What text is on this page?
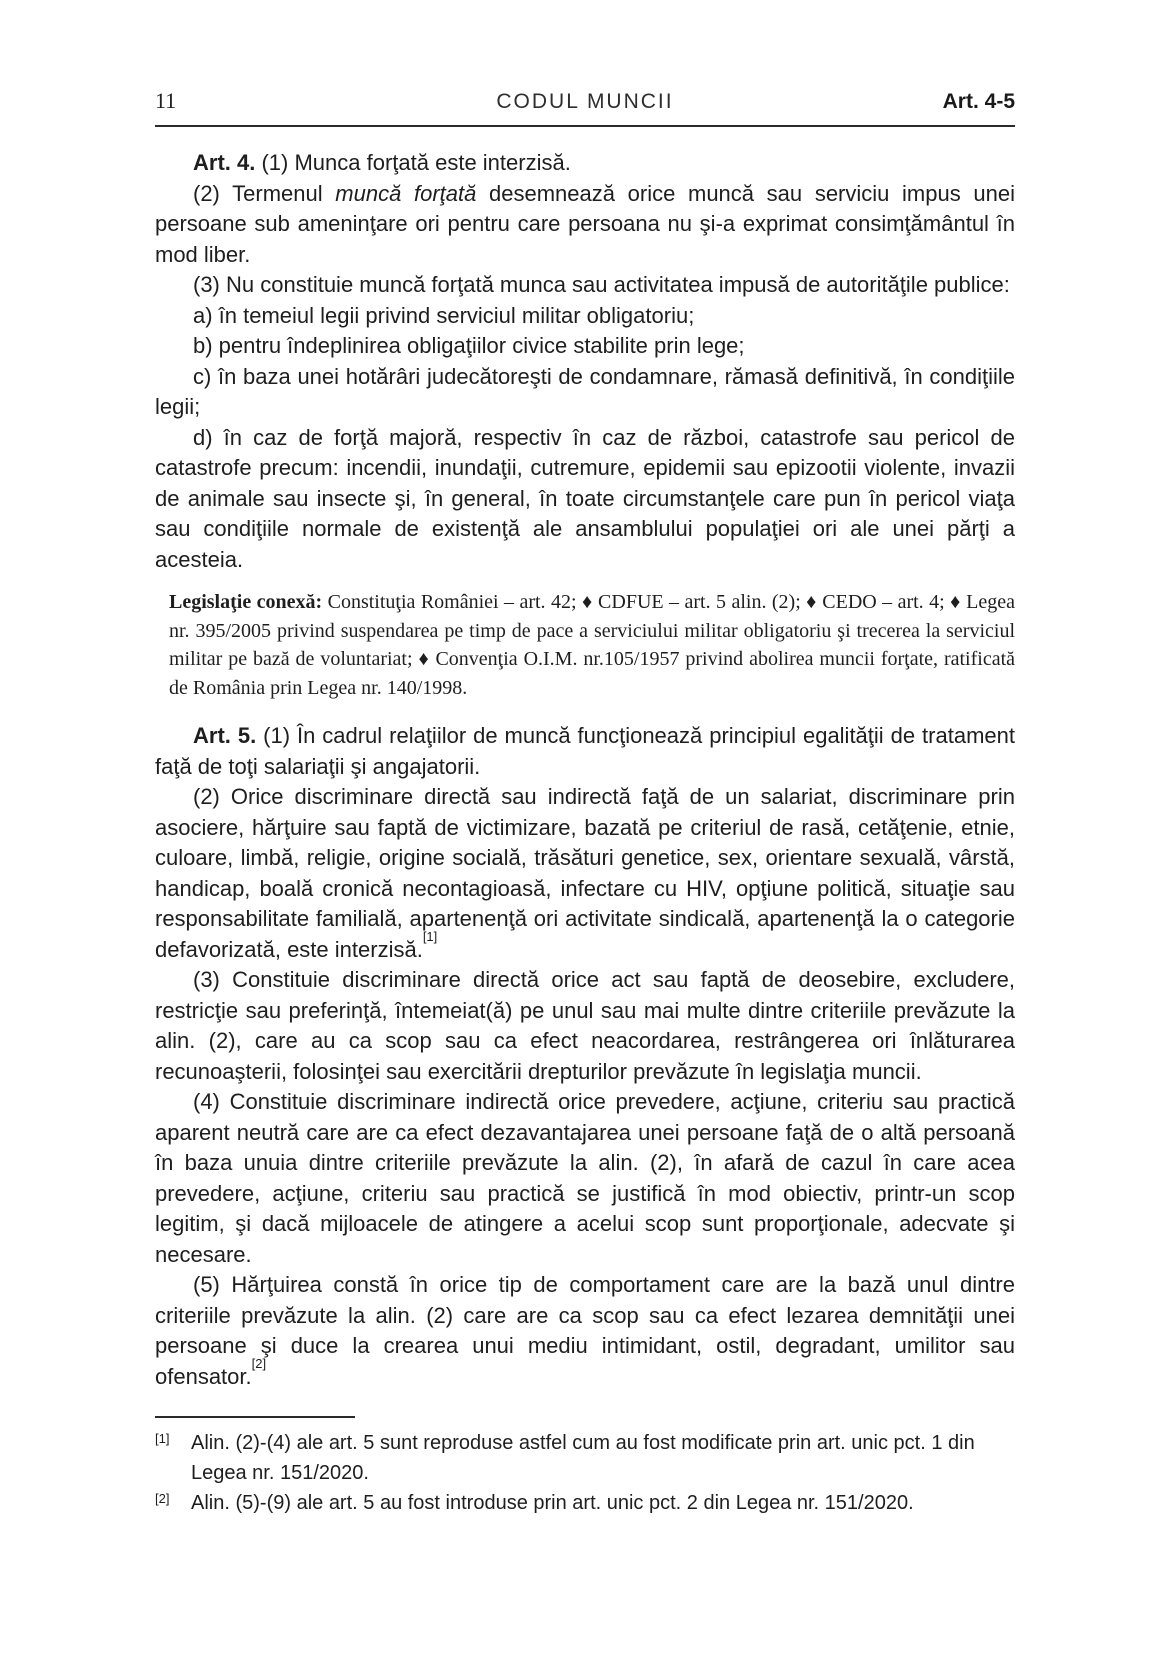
11	CODUL MUNCII	Art. 4-5

Art. 4. (1) Munca forţată este interzisă.

(2) Termenul muncă forţată desemnează orice muncă sau serviciu impus unei persoane sub ameninţare ori pentru care persoana nu şi-a exprimat consimţământul în mod liber.

(3) Nu constituie muncă forţată munca sau activitatea impusă de autorităţile publice:

a) în temeiul legii privind serviciul militar obligatoriu;

b) pentru îndeplinirea obligaţiilor civice stabilite prin lege;

c) în baza unei hotărâri judecătoreşti de condamnare, rămasă definitivă, în condiţiile legii;

d) în caz de forţă majoră, respectiv în caz de război, catastrofe sau pericol de catastrofe precum: incendii, inundaţii, cutremure, epidemii sau epizootii violente, invazii de animale sau insecte şi, în general, în toate circumstanţele care pun în pericol viaţa sau condiţiile normale de existenţă ale ansamblului populaţiei ori ale unei părţi a acesteia.

Legislaţie conexă: Constituţia României – art. 42; ♦ CDFUE – art. 5 alin. (2); ♦ CEDO – art. 4; ♦ Legea nr. 395/2005 privind suspendarea pe timp de pace a serviciului militar obligatoriu şi trecerea la serviciul militar pe bază de voluntariat; ♦ Convenţia O.I.M. nr.105/1957 privind abolirea muncii forţate, ratificată de România prin Legea nr. 140/1998.

Art. 5. (1) În cadrul relaţiilor de muncă funcţionează principiul egalităţii de tratament faţă de toţi salariaţii şi angajatorii.

(2) Orice discriminare directă sau indirectă faţă de un salariat, discriminare prin asociere, hărţuire sau faptă de victimizare, bazată pe criteriul de rasă, cetăţenie, etnie, culoare, limbă, religie, origine socială, trăsături genetice, sex, orientare sexuală, vârstă, handicap, boală cronică necontagioasă, infectare cu HIV, opţiune politică, situaţie sau responsabilitate familială, apartenenţă ori activitate sindicală, apartenenţă la o categorie defavorizată, este interzisă.[1]

(3) Constituie discriminare directă orice act sau faptă de deosebire, excludere, restricţie sau preferinţă, întemeiat(ă) pe unul sau mai multe dintre criteriile prevăzute la alin. (2), care au ca scop sau ca efect neacordarea, restrângerea ori înlăturarea recunoaşterii, folosinţei sau exercitării drepturilor prevăzute în legislaţia muncii.

(4) Constituie discriminare indirectă orice prevedere, acţiune, criteriu sau practică aparent neutră care are ca efect dezavantajarea unei persoane faţă de o altă persoană în baza unuia dintre criteriile prevăzute la alin. (2), în afară de cazul în care acea prevedere, acţiune, criteriu sau practică se justifică în mod obiectiv, printr-un scop legitim, şi dacă mijloacele de atingere a acelui scop sunt proporţionale, adecvate şi necesare.

(5) Hărţuirea constă în orice tip de comportament care are la bază unul dintre criteriile prevăzute la alin. (2) care are ca scop sau ca efect lezarea demnităţii unei persoane şi duce la crearea unui mediu intimidant, ostil, degradant, umilitor sau ofensator.[2]

[1] Alin. (2)-(4) ale art. 5 sunt reproduse astfel cum au fost modificate prin art. unic pct. 1 din Legea nr. 151/2020.
[2] Alin. (5)-(9) ale art. 5 au fost introduse prin art. unic pct. 2 din Legea nr. 151/2020.
